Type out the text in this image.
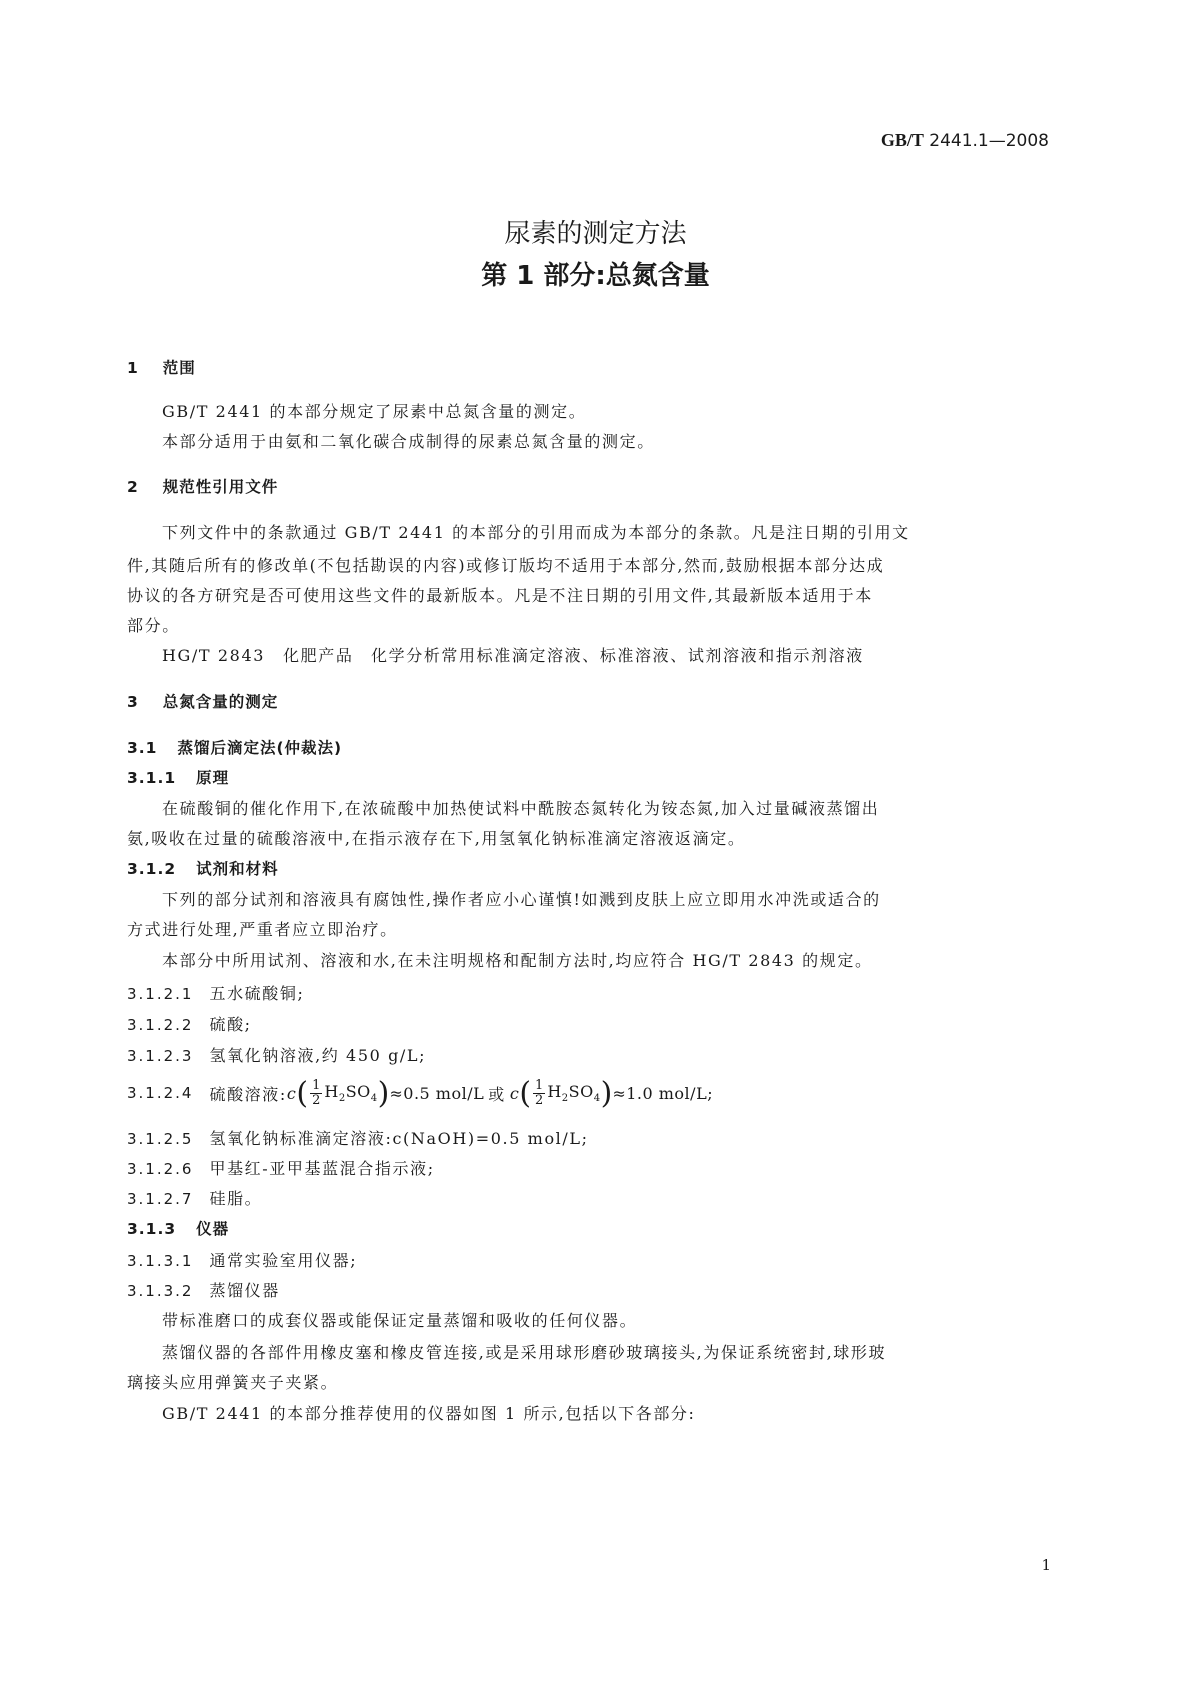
GB/T 2441.1—2008
尿素的测定方法
第 1 部分:总氮含量
1 范围
GB/T 2441 的本部分规定了尿素中总氮含量的测定。
本部分适用于由氨和二氧化碳合成制得的尿素总氮含量的测定。
2 规范性引用文件
下列文件中的条款通过 GB/T 2441 的本部分的引用而成为本部分的条款。凡是注日期的引用文
件,其随后所有的修改单(不包括勘误的内容)或修订版均不适用于本部分,然而,鼓励根据本部分达成
协议的各方研究是否可使用这些文件的最新版本。凡是不注日期的引用文件,其最新版本适用于本
部分。
HG/T 2843 化肥产品　化学分析常用标准滴定溶液、标准溶液、试剂溶液和指示剂溶液
3 总氮含量的测定
3.1 蒸馏后滴定法(仲裁法)
3.1.1 原理
在硫酸铜的催化作用下,在浓硫酸中加热使试料中酰胺态氮转化为铵态氮,加入过量碱液蒸馏出
氨,吸收在过量的硫酸溶液中,在指示液存在下,用氢氧化钠标准滴定溶液返滴定。
3.1.2 试剂和材料
下列的部分试剂和溶液具有腐蚀性,操作者应小心谨慎!如溅到皮肤上应立即用水冲洗或适合的
方式进行处理,严重者应立即治疗。
本部分中所用试剂、溶液和水,在未注明规格和配制方法时,均应符合 HG/T 2843 的规定。
3.1.2.1 五水硫酸铜;
3.1.2.2 硫酸;
3.1.2.3 氢氧化钠溶液,约 450 g/L;
3.1.2.4 硫酸溶液: c ( $\frac{1}{2} H_2SO_4$ ) ≈0.5 mol/L 或 c ( $\frac{1}{2} H_2SO_4$ ) ≈1.0 mol/L;
3.1.2.5 氢氧化钠标准滴定溶液:c(NaOH)=0.5 mol/L;
3.1.2.6 甲基红-亚甲基蓝混合指示液;
3.1.2.7 硅脂。
3.1.3 仪器
3.1.3.1 通常实验室用仪器;
3.1.3.2 蒸馏仪器
带标准磨口的成套仪器或能保证定量蒸馏和吸收的任何仪器。
蒸馏仪器的各部件用橡皮塞和橡皮管连接,或是采用球形磨砂玻璃接头,为保证系统密封,球形玻
璃接头应用弹簧夹子夹紧。
GB/T 2441 的本部分推荐使用的仪器如图 1 所示,包括以下各部分:
1
